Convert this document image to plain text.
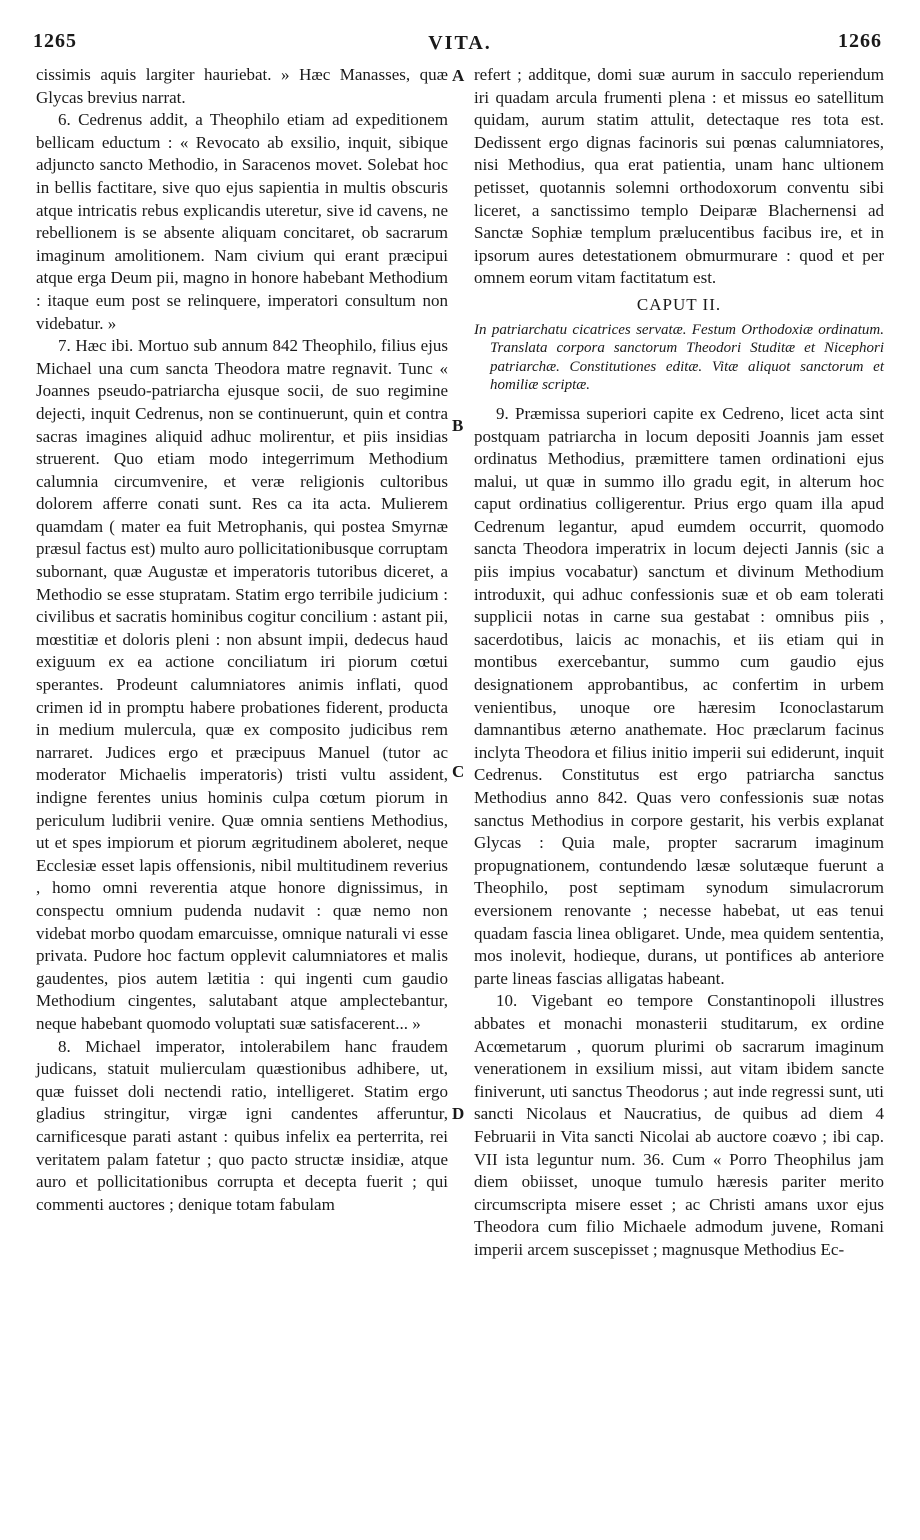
1265	VITA.	1266
A
B
C
D

cissimis aquis largiter hauriebat. » Hæc Manasses, quæ Glycas brevius narrat.

6. Cedrenus addit, a Theophilo etiam ad expeditionem bellicam eductum : « Revocato ab exsilio, inquit, sibique adjuncto sancto Methodio, in Saracenos movet. Solebat hoc in bellis factitare, sive quo ejus sapientia in multis obscuris atque intricatis rebus explicandis uteretur, sive id cavens, ne rebellionem is se absente aliquam concitaret, ob sacrarum imaginum amolitionem. Nam civium qui erant præcipui atque erga Deum pii, magno in honore habebant Methodium : itaque eum post se relinquere, imperatori consultum non videbatur. »

7. Hæc ibi. Mortuo sub annum 842 Theophilo, filius ejus Michael una cum sancta Theodora matre regnavit. Tunc « Joannes pseudo-patriarcha ejusque socii, de suo regimine dejecti, inquit Cedrenus, non se continuerunt, quin et contra sacras imagines aliquid adhuc molirentur, et piis insidias struerent. Quo etiam modo integerrimum Methodium calumnia circumvenire, et veræ religionis cultoribus dolorem afferre conati sunt. Res ca ita acta. Mulierem quamdam ( mater ea fuit Metrophanis, qui postea Smyrnæ præsul factus est) multo auro pollicitationibusque corruptam subornant, quæ Augustæ et imperatoris tutoribus diceret, a Methodio se esse stupratam. Statim ergo terribile judicium : civilibus et sacratis hominibus cogitur concilium : astant pii, mœstitiæ et doloris pleni : non absunt impii, dedecus haud exiguum ex ea actione conciliatum iri piorum cœtui sperantes. Prodeunt calumniatores animis inflati, quod crimen id in promptu habere probationes fiderent, producta in medium mulercula, quæ ex composito judicibus rem narraret. Judices ergo et præcipuus Manuel (tutor ac moderator Michaelis imperatoris) tristi vultu assident, indigne ferentes unius hominis culpa cœtum piorum in periculum ludibrii venire. Quæ omnia sentiens Methodius, ut et spes impiorum et piorum ægritudinem aboleret, neque Ecclesiæ esset lapis offensionis, nibil multitudinem reverius , homo omni reverentia atque honore dignissimus, in conspectu omnium pudenda nudavit : quæ nemo non videbat morbo quodam emarcuisse, omnique naturali vi esse privata. Pudore hoc factum opplevit calumniatores et malis gaudentes, pios autem lætitia : qui ingenti cum gaudio Methodium cingentes, salutabant atque amplectebantur, neque habebant quomodo voluptati suæ satisfacerent... »

8. Michael imperator, intolerabilem hanc fraudem judicans, statuit mulierculam quæstionibus adhibere, ut, quæ fuisset doli nectendi ratio, intelligeret. Statim ergo gladius stringitur, virgæ igni candentes afferuntur, carnificesque parati astant : quibus infelix ea perterrita, rei veritatem palam fatetur ; quo pacto structæ insidiæ, atque auro et pollicitationibus corrupta et decepta fuerit ; qui commenti auctores ; denique totam fabulam

refert ; additque, domi suæ aurum in sacculo reperiendum iri quadam arcula frumenti plena : et missus eo satellitum quidam, aurum statim attulit, detectaque res tota est. Dedissent ergo dignas facinoris sui pœnas calumniatores, nisi Methodius, qua erat patientia, unam hanc ultionem petisset, quotannis solemni orthodoxorum conventu sibi liceret, a sanctissimo templo Deiparæ Blachernensi ad Sanctæ Sophiæ templum prælucentibus facibus ire, et in ipsorum aures detestationem obmurmurare : quod et per omnem eorum vitam factitatum est.

CAPUT II.

In patriarchatu cicatrices servatæ. Festum Orthodoxiæ ordinatum. Translata corpora sanctorum Theodori Studitæ et Nicephori patriarchæ. Constitutiones editæ. Vitæ aliquot sanctorum et homiliæ scriptæ.

9. Præmissa superiori capite ex Cedreno, licet acta sint postquam patriarcha in locum depositi Joannis jam esset ordinatus Methodius, præmittere tamen ordinationi ejus malui, ut quæ in summo illo gradu egit, in alterum hoc caput ordinatius colligerentur. Prius ergo quam illa apud Cedrenum legantur, apud eumdem occurrit, quomodo sancta Theodora imperatrix in locum dejecti Jannis (sic a piis impius vocabatur) sanctum et divinum Methodium introduxit, qui adhuc confessionis suæ et ob eam tolerati supplicii notas in carne sua gestabat : omnibus piis , sacerdotibus, laicis ac monachis, et iis etiam qui in montibus exercebantur, summo cum gaudio ejus designationem approbantibus, ac confertim in urbem venientibus, unoque ore hæresim Iconoclastarum damnantibus æterno anathemate. Hoc præclarum facinus inclyta Theodora et filius initio imperii sui ediderunt, inquit Cedrenus. Constitutus est ergo patriarcha sanctus Methodius anno 842. Quas vero confessionis suæ notas sanctus Methodius in corpore gestarit, his verbis explanat Glycas : Quia male, propter sacrarum imaginum propugnationem, contundendo læsæ solutæque fuerunt a Theophilo, post septimam synodum simulacrorum eversionem renovante ; necesse habebat, ut eas tenui quadam fascia linea obligaret. Unde, mea quidem sententia, mos inolevit, hodieque, durans, ut pontifices ab anteriore parte lineas fascias alligatas habeant.

10. Vigebant eo tempore Constantinopoli illustres abbates et monachi monasterii studitarum, ex ordine Acœmetarum , quorum plurimi ob sacrarum imaginum venerationem in exsilium missi, aut vitam ibidem sancte finiverunt, uti sanctus Theodorus ; aut inde regressi sunt, uti sancti Nicolaus et Naucratius, de quibus ad diem 4 Februarii in Vita sancti Nicolai ab auctore coævo ; ibi cap. VII ista leguntur num. 36. Cum « Porro Theophilus jam diem obiisset, unoque tumulo hæresis pariter merito circumscripta misere esset ; ac Christi amans uxor ejus Theodora cum filio Michaele admodum juvene, Romani imperii arcem suscepisset ; magnusque Methodius Ec-
